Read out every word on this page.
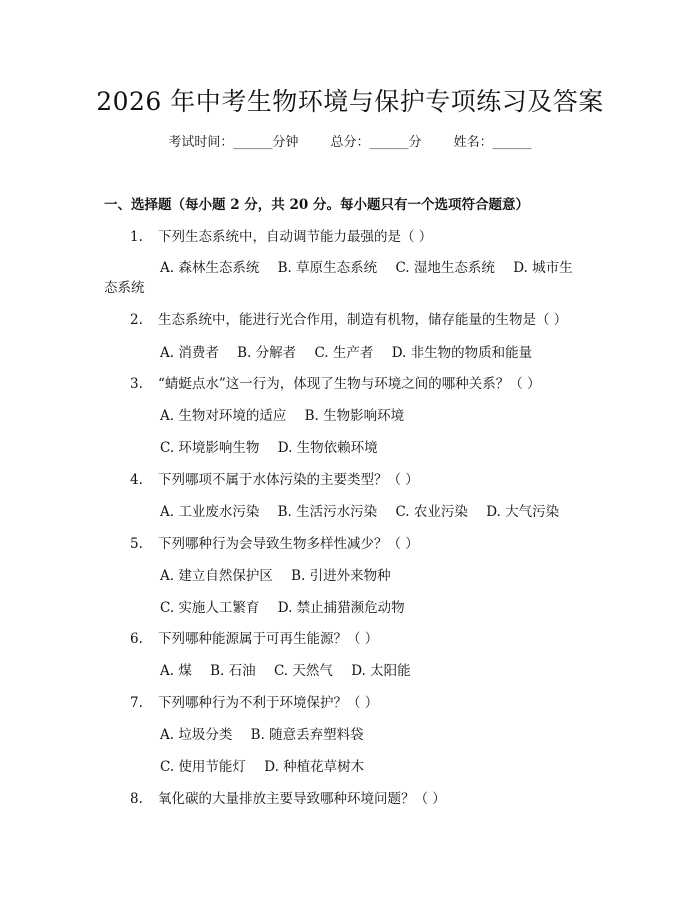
2026 年中考生物环境与保护专项练习及答案
考试时间：______分钟 总分：______分 姓名：______
一、选择题（每小题 2 分，共 20 分。每小题只有一个选项符合题意）
1. 下列生态系统中，自动调节能力最强的是（ ）
A. 森林生态系统 B. 草原生态系统 C. 湿地生态系统 D. 城市生
态系统
2. 生态系统中，能进行光合作用，制造有机物，储存能量的生物是（ ）
A. 消费者 B. 分解者 C. 生产者 D. 非生物的物质和能量
3. “蜻蜓点水”这一行为，体现了生物与环境之间的哪种关系？（ ）
A. 生物对环境的适应 B. 生物影响环境
C. 环境影响生物 D. 生物依赖环境
4. 下列哪项不属于水体污染的主要类型？（ ）
A. 工业废水污染 B. 生活污水污染 C. 农业污染 D. 大气污染
5. 下列哪种行为会导致生物多样性减少？（ ）
A. 建立自然保护区 B. 引进外来物种
C. 实施人工繁育 D. 禁止捕猎濒危动物
6. 下列哪种能源属于可再生能源？（ ）
A. 煤 B. 石油 C. 天然气 D. 太阳能
7. 下列哪种行为不利于环境保护？（ ）
A. 垃圾分类 B. 随意丢弃塑料袋
C. 使用节能灯 D. 种植花草树木
8. 氧化碳的大量排放主要导致哪种环境问题？（ ）
